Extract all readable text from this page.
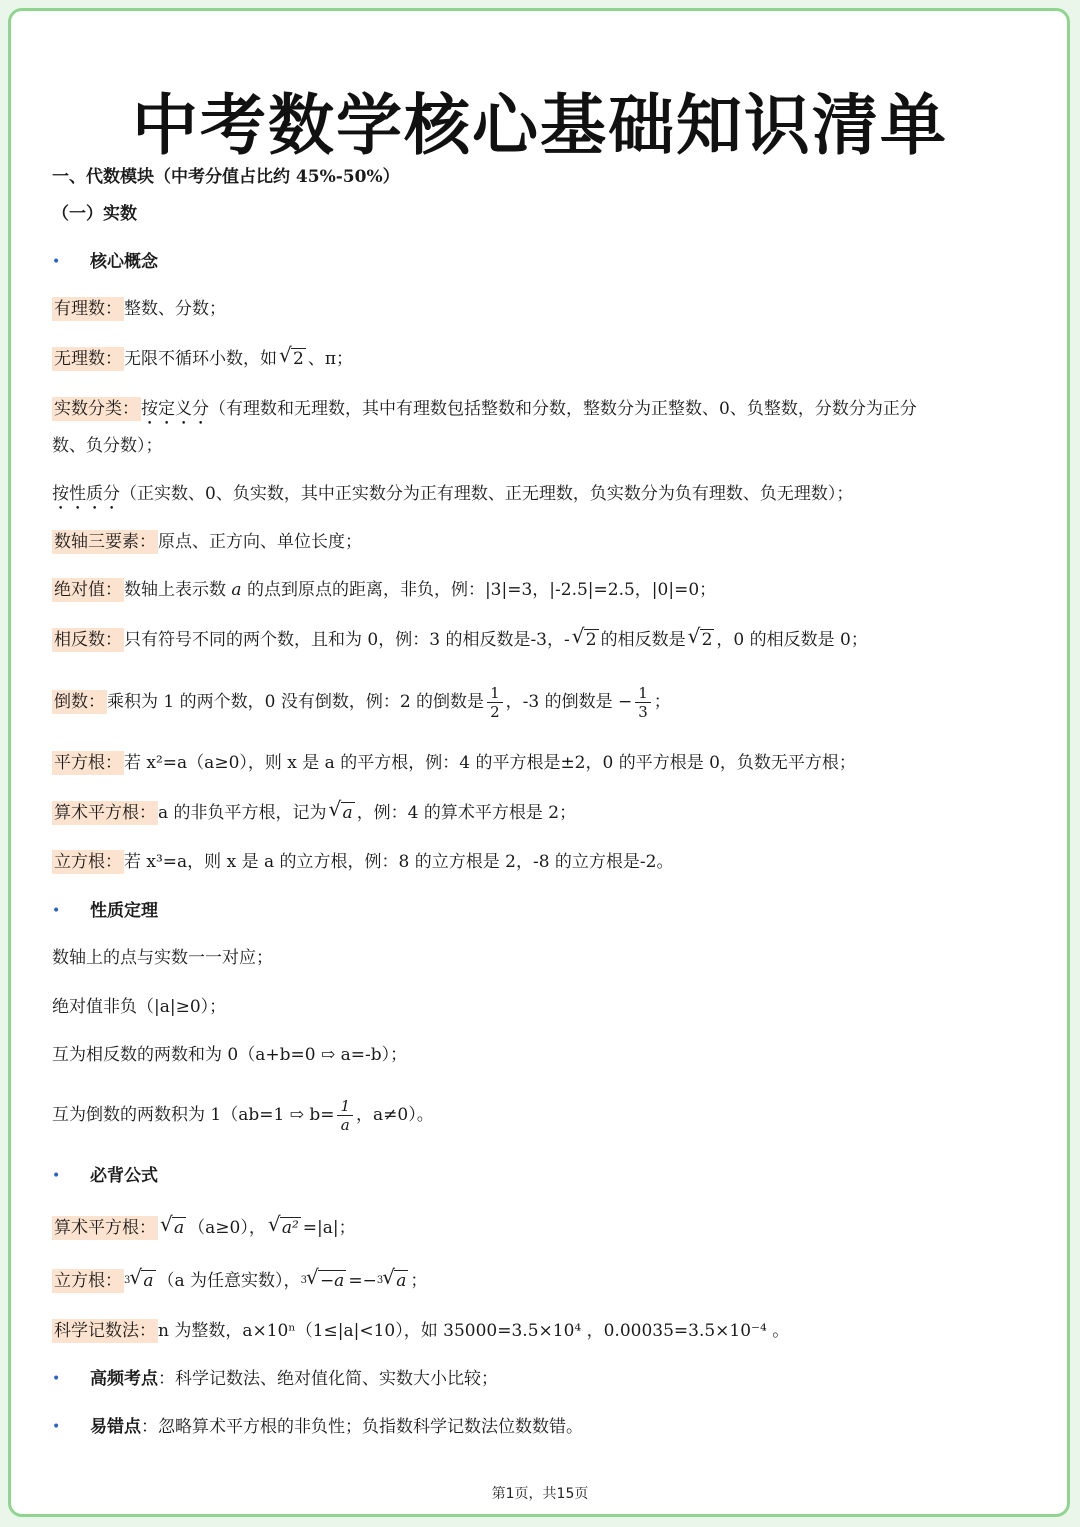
中考数学核心基础知识清单
一、代数模块（中考分值占比约 45%-50%）
（一）实数
• 核心概念
有理数： 整数、分数；
无理数： 无限不循环小数，如 √ 2 、π；
实数分类： 按定义分（有理数和无理数，其中有理数包括整数和分数，整数分为正整数、0、负整数，分数分为正分
数、负分数）；
按性质分（正实数、0、负实数，其中正实数分为正有理数、正无理数，负实数分为负有理数、负无理数）；
数轴三要素： 原点、正方向、单位长度；
绝对值： 数轴上表示数 a 的点到原点的距离，非负，例：|3|=3，|-2.5|=2.5，|0|=0；
相反数： 只有符号不同的两个数，且和为 0，例：3 的相反数是-3，- √ 2 的相反数是 √ 2 ，0 的相反数是 0；
倒数： 乘积为 1 的两个数，0 没有倒数，例：2 的倒数是 $\frac{1}{2}$ ，-3 的倒数是 − $\frac{1}{3}$ ；
平方根： 若 x²=a（a≥0），则 x 是 a 的平方根，例：4 的平方根是±2，0 的平方根是 0，负数无平方根；
算术平方根： a 的非负平方根，记为 √ a ，例：4 的算术平方根是 2；
立方根： 若 x³=a，则 x 是 a 的立方根，例：8 的立方根是 2，-8 的立方根是-2。
• 性质定理
数轴上的点与实数一一对应；
绝对值非负（|a|≥0）；
互为相反数的两数和为 0（a+b=0 ⇨ a=-b）；
互为倒数的两数积为 1（ab=1 ⇨ $b= \frac{1}{a}$ ，a≠0）。
• 必背公式
算术平方根： √ a （a≥0）， √ a² =|a|；
立方根： $^3$ √ a （a 为任意实数），$^3$ √ −a =−$^3$ √ a ；
科学记数法： n 为整数，a×10ⁿ（1≤|a|<10），如 35000=3.5×10⁴ ，0.00035=3.5×10⁻⁴ 。
• 高频考点：科学记数法、绝对值化简、实数大小比较；
• 易错点：忽略算术平方根的非负性；负指数科学记数法位数数错。
第1页，共15页
